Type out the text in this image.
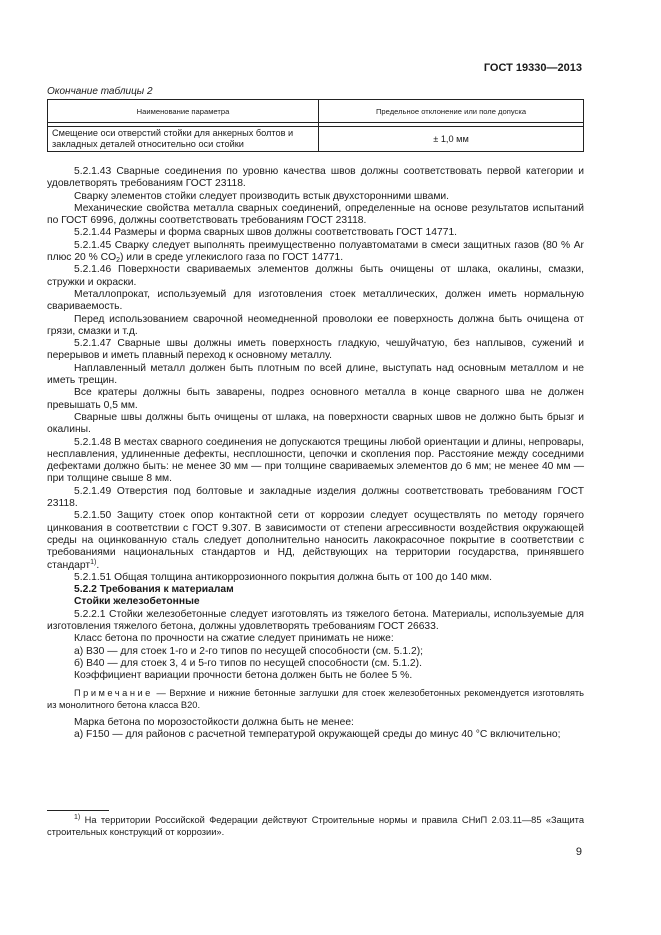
ГОСТ 19330—2013
Окончание таблицы 2
Наименование параметра	Предельное отклонение или поле допуска

Смещение оси отверстий стойки для анкерных болтов и закладных деталей относительно оси стойки	± 1,0 мм

5.2.1.43 Сварные соединения по уровню качества швов должны соответствовать первой категории и удовлетворять требованиям ГОСТ 23118.

Сварку элементов стойки следует производить встык двухсторонними швами.

Механические свойства металла сварных соединений, определенные на основе результатов испытаний по ГОСТ 6996, должны соответствовать требованиям ГОСТ 23118.

5.2.1.44 Размеры и форма сварных швов должны соответствовать ГОСТ 14771.

5.2.1.45 Сварку следует выполнять преимущественно полуавтоматами в смеси защитных газов (80 % Ar плюс 20 % $CO_2$) или в среде углекислого газа по ГОСТ 14771.

5.2.1.46 Поверхности свариваемых элементов должны быть очищены от шлака, окалины, смазки, стружки и окраски.

Металлопрокат, используемый для изготовления стоек металлических, должен иметь нормальную свариваемость.

Перед использованием сварочной неомедненной проволоки ее поверхность должна быть очищена от грязи, смазки и т.д.

5.2.1.47 Сварные швы должны иметь поверхность гладкую, чешуйчатую, без наплывов, сужений и перерывов и иметь плавный переход к основному металлу.

Наплавленный металл должен быть плотным по всей длине, выступать над основным металлом и не иметь трещин.

Все кратеры должны быть заварены, подрез основного металла в конце сварного шва не должен превышать 0,5 мм.

Сварные швы должны быть очищены от шлака, на поверхности сварных швов не должно быть брызг и окалины.

5.2.1.48 В местах сварного соединения не допускаются трещины любой ориентации и длины, непровары, несплавления, удлиненные дефекты, несплошности, цепочки и скопления пор. Расстояние между соседними дефектами должно быть: не менее 30 мм — при толщине свариваемых элементов до 6 мм; не менее 40 мм — при толщине свыше 8 мм.

5.2.1.49 Отверстия под болтовые и закладные изделия должны соответствовать требованиям ГОСТ 23118.

5.2.1.50 Защиту стоек опор контактной сети от коррозии следует осуществлять по методу горячего цинкования в соответствии с ГОСТ 9.307. В зависимости от степени агрессивности воздействия окружающей среды на оцинкованную сталь следует дополнительно наносить лакокрасочное покрытие в соответствии с требованиями национальных стандартов и НД, действующих на территории государства, принявшего стандарт$^{1)}$.

5.2.1.51 Общая толщина антикоррозионного покрытия должна быть от 100 до 140 мкм.

5.2.2 Требования к материалам

Стойки железобетонные

5.2.2.1 Стойки железобетонные следует изготовлять из тяжелого бетона. Материалы, используемые для изготовления тяжелого бетона, должны удовлетворять требованиям ГОСТ 26633.

Класс бетона по прочности на сжатие следует принимать не ниже:

а) В30 — для стоек 1-го и 2-го типов по несущей способности (см. 5.1.2);

б) В40 — для стоек 3, 4 и 5-го типов по несущей способности (см. 5.1.2).

Коэффициент вариации прочности бетона должен быть не более 5 %.

Примечание — Верхние и нижние бетонные заглушки для стоек железобетонных рекомендуется изготовлять из монолитного бетона класса В20.

Марка бетона по морозостойкости должна быть не менее:

а) F150 — для районов с расчетной температурой окружающей среды до минус 40 °С включительно;

$^{1)}$ На территории Российской Федерации действуют Строительные нормы и правила СНиП 2.03.11—85 «Защита строительных конструкций от коррозии».
9
